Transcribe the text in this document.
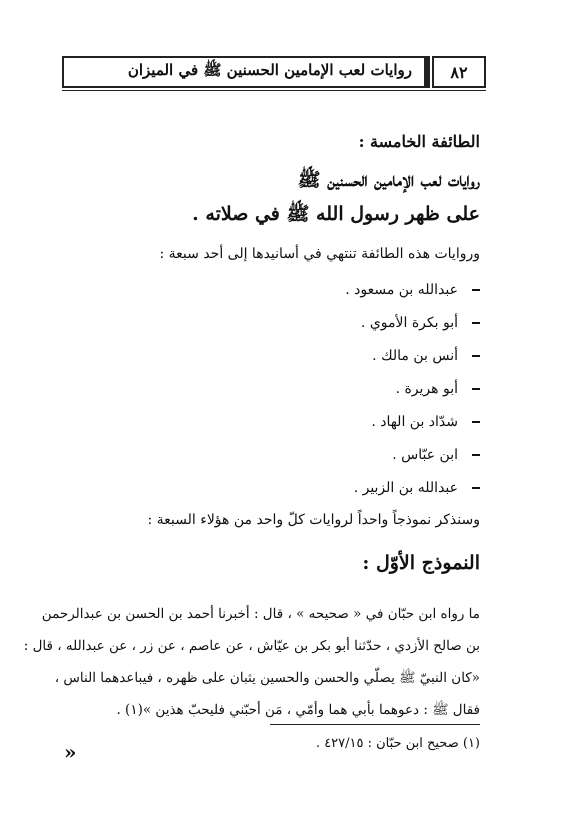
روايات لعب الإمامين الحسنين ﷺ في الميزان ٨٢
الطائفة الخامسة :
روايات لعب الإمامين الحسنين ﷺ
على ظهر رسول الله ﷺ في صلاته .
وروايات هذه الطائفة تنتهي في أسانيدها إلى أحد سبعة :
عبدالله بن مسعود .
أبو بكرة الأموي .
أنس بن مالك .
أبو هريرة .
شدّاد بن الهاد .
ابن عبّاس .
عبدالله بن الزبير .
وسنذكر نموذجاً واحداً لروايات كلّ واحد من هؤلاء السبعة :
النموذج الأوّل :
ما رواه ابن حبّان في « صحيحه » ، قال : أخبرنا أحمد بن الحسن بن عبدالرحمن
بن صالح الأزدي ، حدّثنا أبو بكر بن عيّاش ، عن عاصم ، عن زر ، عن عبدالله ، قال :
«كان النبيّ ﷺ يصلّي والحسن والحسين يثبان على ظهره ، فيباعدهما الناس ،
فقال ﷺ : دعوهما بأبي هما وأمّي ، مَن أحبّني فليحبّ هذين »(١) .
(١) صحيح ابن حبّان : ٤٢٧/١٥ .
«
